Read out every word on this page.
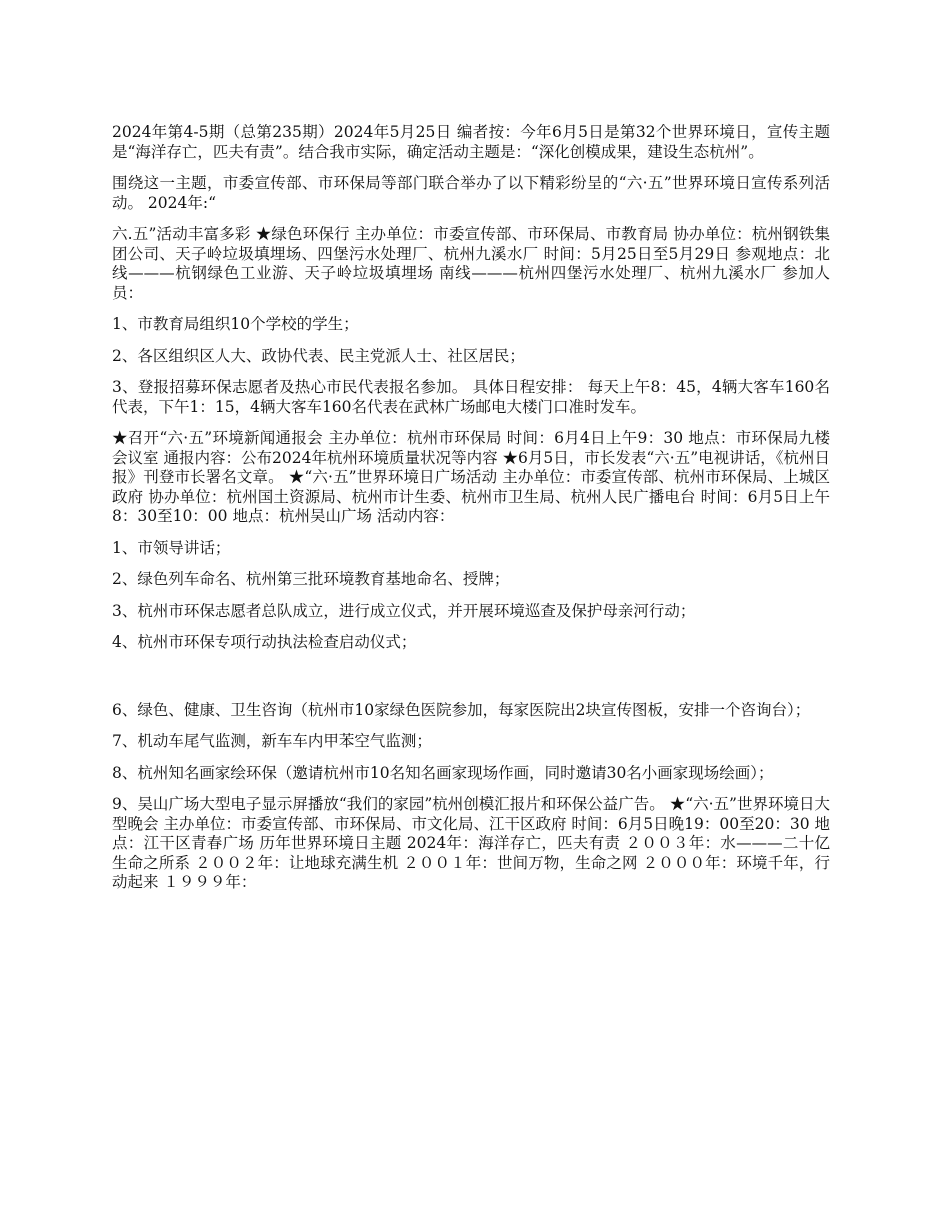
2024年第4-5期（总第235期）2024年5月25日 编者按：今年6月5日是第32个世界环境日，宣传主题是“海洋存亡，匹夫有责”。结合我市实际，确定活动主题是：“深化创模成果，建设生态杭州”。

围绕这一主题，市委宣传部、市环保局等部门联合举办了以下精彩纷呈的“六·五”世界环境日宣传系列活动。 2024年:“

六.五”活动丰富多彩 ★绿色环保行 主办单位：市委宣传部、市环保局、市教育局 协办单位：杭州钢铁集团公司、天子岭垃圾填埋场、四堡污水处理厂、杭州九溪水厂 时间：5月25日至5月29日 参观地点：北线———杭钢绿色工业游、天子岭垃圾填埋场 南线———杭州四堡污水处理厂、杭州九溪水厂 参加人员：

1、市教育局组织10个学校的学生；

2、各区组织区人大、政协代表、民主党派人士、社区居民；

3、登报招募环保志愿者及热心市民代表报名参加。 具体日程安排： 每天上午8：45，4辆大客车160名代表，下午1：15，4辆大客车160名代表在武林广场邮电大楼门口准时发车。

★召开“六·五”环境新闻通报会 主办单位：杭州市环保局 时间：6月4日上午9：30 地点：市环保局九楼会议室 通报内容：公布2024年杭州环境质量状况等内容 ★6月5日，市长发表“六·五”电视讲话，《杭州日报》刊登市长署名文章。 ★“六·五”世界环境日广场活动 主办单位：市委宣传部、杭州市环保局、上城区政府 协办单位：杭州国土资源局、杭州市计生委、杭州市卫生局、杭州人民广播电台 时间：6月5日上午8：30至10：00 地点：杭州吴山广场 活动内容：

1、市领导讲话；

2、绿色列车命名、杭州第三批环境教育基地命名、授牌；

3、杭州市环保志愿者总队成立，进行成立仪式，并开展环境巡查及保护母亲河行动；

4、杭州市环保专项行动执法检查启动仪式；

6、绿色、健康、卫生咨询（杭州市10家绿色医院参加，每家医院出2块宣传图板，安排一个咨询台）；

7、机动车尾气监测，新车车内甲苯空气监测；

8、杭州知名画家绘环保（邀请杭州市10名知名画家现场作画，同时邀请30名小画家现场绘画）；

9、吴山广场大型电子显示屏播放“我们的家园”杭州创模汇报片和环保公益广告。 ★“六·五”世界环境日大型晚会 主办单位：市委宣传部、市环保局、市文化局、江干区政府 时间：6月5日晚19：00至20：30 地点：江干区青春广场 历年世界环境日主题 2024年：海洋存亡，匹夫有责 ２００３年：水———二十亿生命之所系 ２００２年：让地球充满生机 ２００１年：世间万物，生命之网 ２０００年：环境千年，行动起来 １９９９年：
